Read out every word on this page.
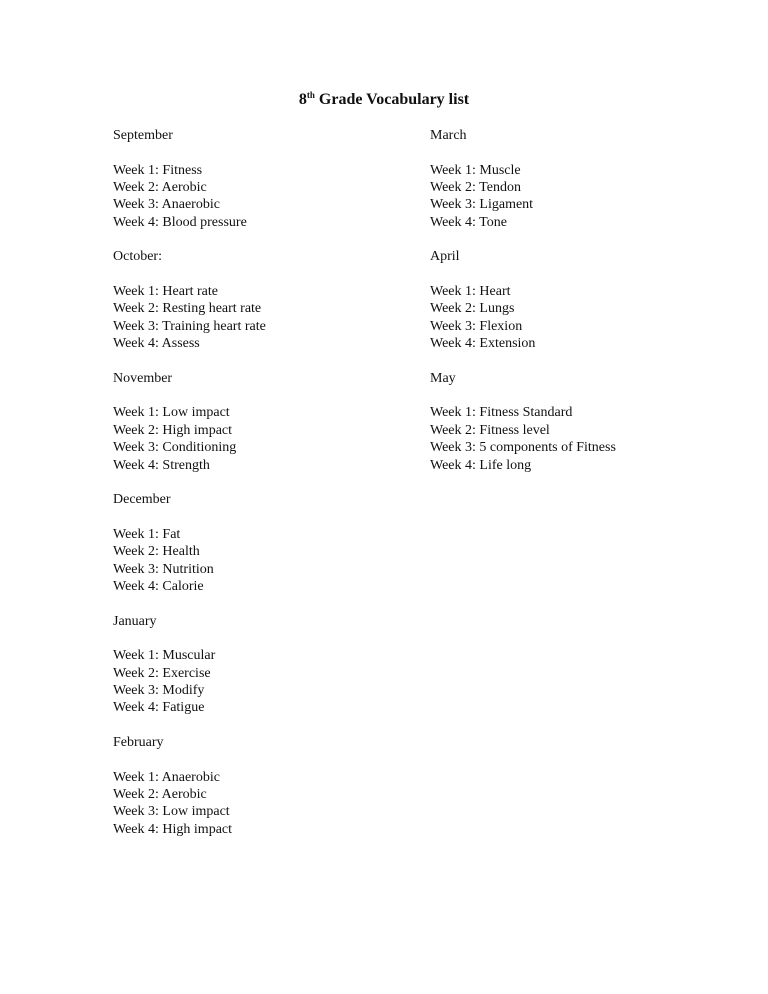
8th Grade Vocabulary list
September
Week 1: Fitness
Week 2: Aerobic
Week 3: Anaerobic
Week 4: Blood pressure
October:
Week 1: Heart rate
Week 2: Resting heart rate
Week 3: Training heart rate
Week 4: Assess
November
Week 1: Low impact
Week 2: High impact
Week 3: Conditioning
Week 4: Strength
December
Week 1: Fat
Week 2: Health
Week 3: Nutrition
Week 4: Calorie
January
Week 1: Muscular
Week 2: Exercise
Week 3: Modify
Week 4: Fatigue
February
Week 1: Anaerobic
Week 2: Aerobic
Week 3: Low impact
Week 4: High impact
March
Week 1: Muscle
Week 2: Tendon
Week 3: Ligament
Week 4: Tone
April
Week 1: Heart
Week 2: Lungs
Week 3: Flexion
Week 4: Extension
May
Week 1: Fitness Standard
Week 2: Fitness level
Week 3: 5 components of Fitness
Week 4: Life long
